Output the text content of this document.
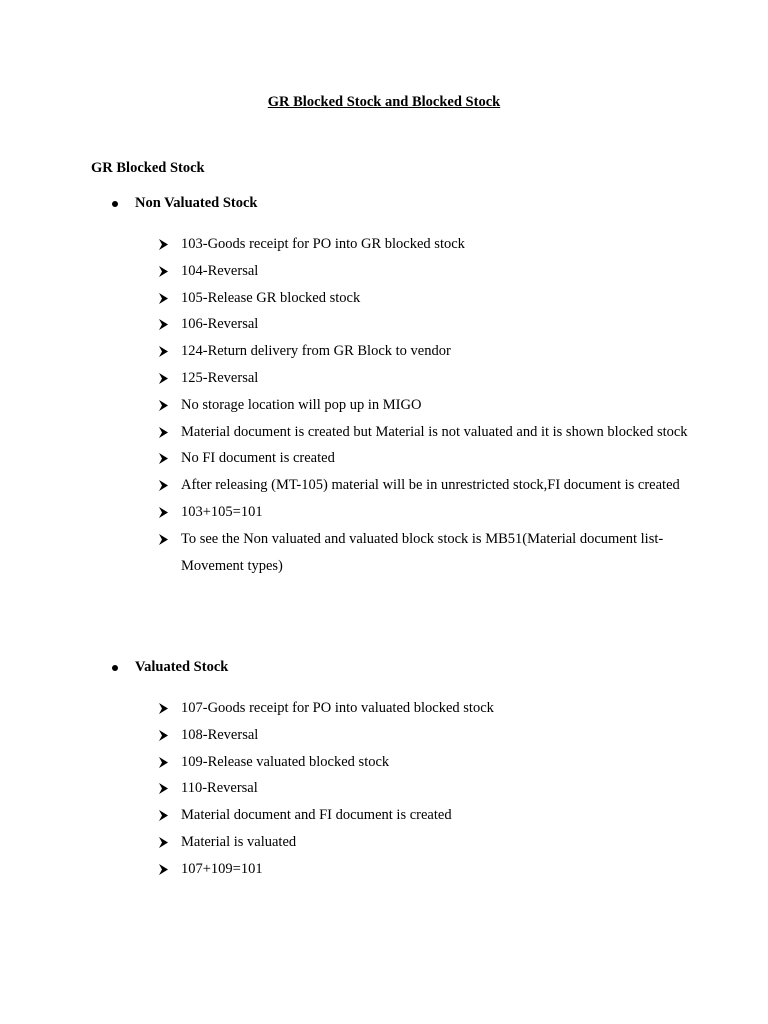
GR Blocked Stock and Blocked Stock
GR Blocked Stock
Non Valuated Stock
103-Goods receipt for PO into GR blocked stock
104-Reversal
105-Release GR blocked stock
106-Reversal
124-Return delivery from GR Block to vendor
125-Reversal
No storage location will pop up in MIGO
Material document is created but Material is not valuated and it is shown blocked stock
No FI document is created
After releasing (MT-105) material will be in unrestricted stock,FI document is created
103+105=101
To see the Non valuated and valuated block stock is MB51(Material document list-Movement types)
Valuated Stock
107-Goods receipt for PO into valuated blocked stock
108-Reversal
109-Release valuated blocked stock
110-Reversal
Material document and FI document is created
Material is valuated
107+109=101
